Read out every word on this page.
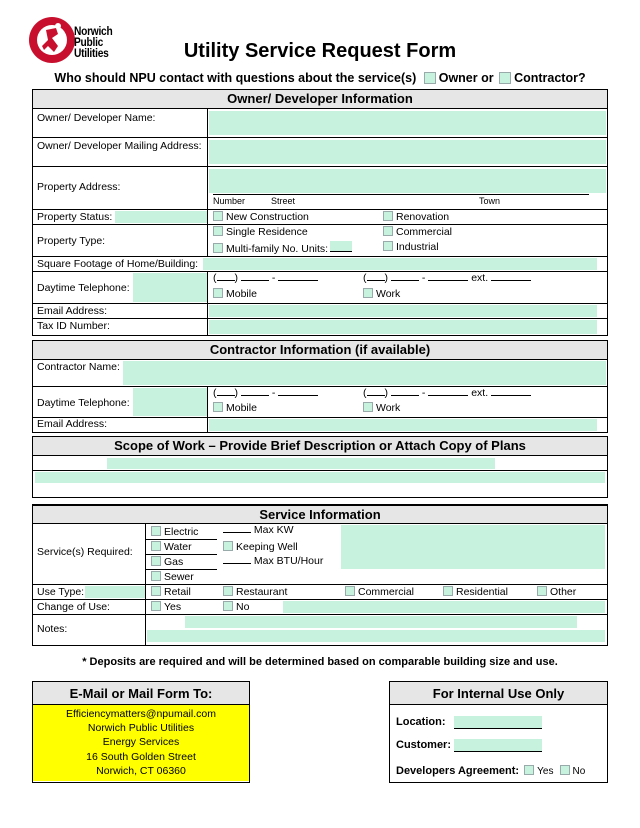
Norwich
Public Utilities	Utility Service Request Form
Who should NPU contact with questions about the service(s) Owner or Contractor?
Owner/ Developer Information
Owner/ Developer Name:
Owner/ Developer Mailing Address:
Property Address:
Number	Street	Town
Property Status:	New Construction	Renovation
Property Type:
Single Residence	Commercial
Multi-family No. Units:	Industrial
Square Footage of Home/Building:
Daytime Telephone:
( )	-
Mobile
( )	-	ext.
Work
Email Address:
Tax ID Number:
Contractor Information (if available)
Contractor Name:
Daytime Telephone:
( )	-
Mobile
( )	-	ext.
Work
Email Address:
Scope of Work – Provide Brief Description or Attach Copy of Plans
Service Information
Service(s) Required:
Electric
Water
Gas
Sewer
Max KW
Keeping Well
Max BTU/Hour
Use Type:	Retail	Restaurant	Commercial	Residential	Other
Change of Use:	Yes	No
Notes:
* Deposits are required and will be determined based on comparable building size and use.
E-Mail or Mail Form To:
Efficiencymatters@npumail.com
Norwich Public Utilities
Energy Services
16 South Golden Street
Norwich, CT 06360
For Internal Use Only
Location:
Customer:
Developers Agreement: Yes No
